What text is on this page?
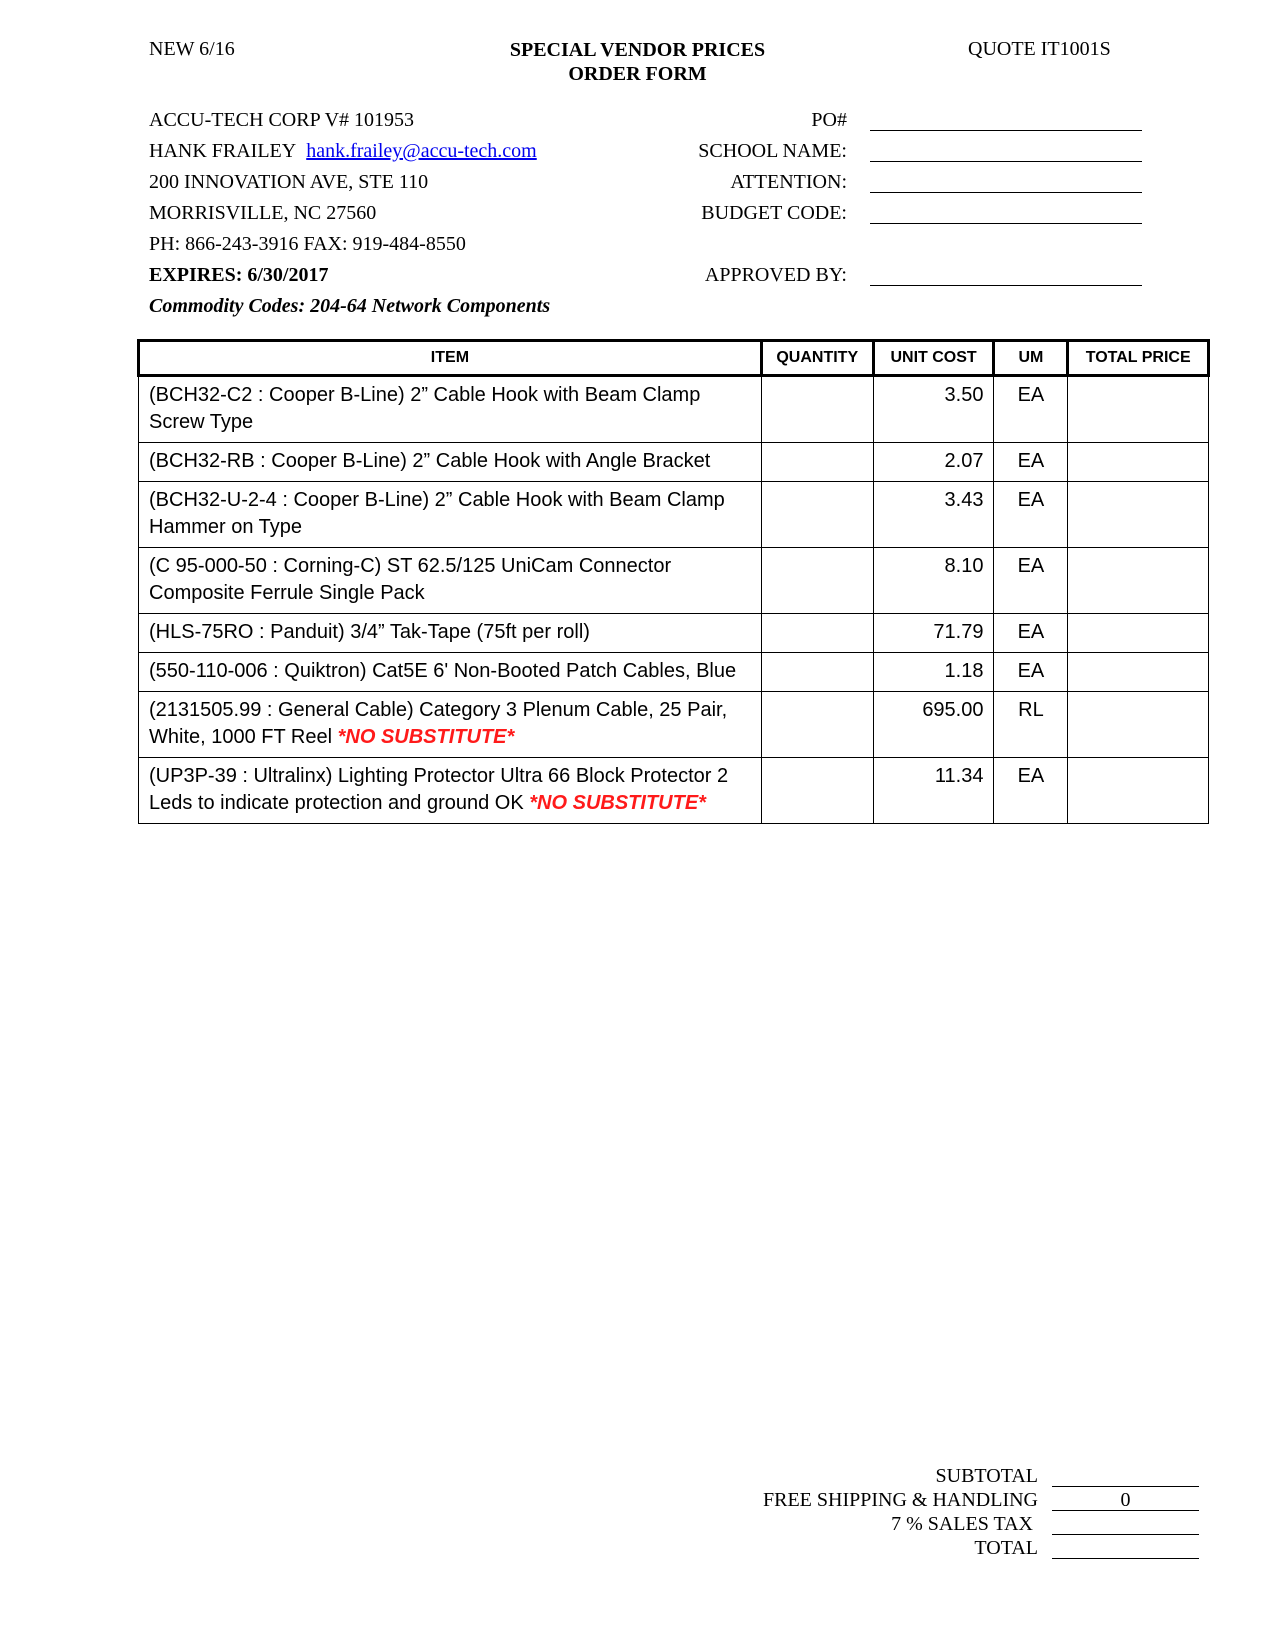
NEW 6/16	SPECIAL VENDOR PRICES
ORDER FORM
QUOTE IT1001S
ACCU-TECH CORP V# 101953
HANK FRAILEY hank.frailey@accu-tech.com
200 INNOVATION AVE, STE 110
MORRISVILLE, NC 27560
PH: 866-243-3916 FAX: 919-484-8550
EXPIRES: 6/30/2017
Commodity Codes: 204-64 Network Components
PO#
SCHOOL NAME:
ATTENTION:
BUDGET CODE:
APPROVED BY:
ITEM	QUANTITY	UNIT COST	UM	TOTAL PRICE
(BCH32-C2 : Cooper B-Line) 2” Cable Hook with Beam Clamp Screw Type		3.50	EA	
(BCH32-RB : Cooper B-Line) 2” Cable Hook with Angle Bracket		2.07	EA	
(BCH32-U-2-4 : Cooper B-Line) 2” Cable Hook with Beam Clamp Hammer on Type		3.43	EA	
(C 95-000-50 : Corning-C) ST 62.5/125 UniCam Connector Composite Ferrule Single Pack		8.10	EA	
(HLS-75RO : Panduit) 3/4” Tak-Tape (75ft per roll)		71.79	EA	
(550-110-006 : Quiktron) Cat5E 6' Non-Booted Patch Cables, Blue		1.18	EA	
(2131505.99 : General Cable) Category 3 Plenum Cable, 25 Pair, White, 1000 FT Reel *NO SUBSTITUTE*		695.00	RL	
(UP3P-39 : Ultralinx) Lighting Protector Ultra 66 Block Protector 2 Leds to indicate protection and ground OK *NO SUBSTITUTE*		11.34	EA	
SUBTOTAL
FREE SHIPPING & HANDLING	0
7 % SALES TAX
TOTAL
